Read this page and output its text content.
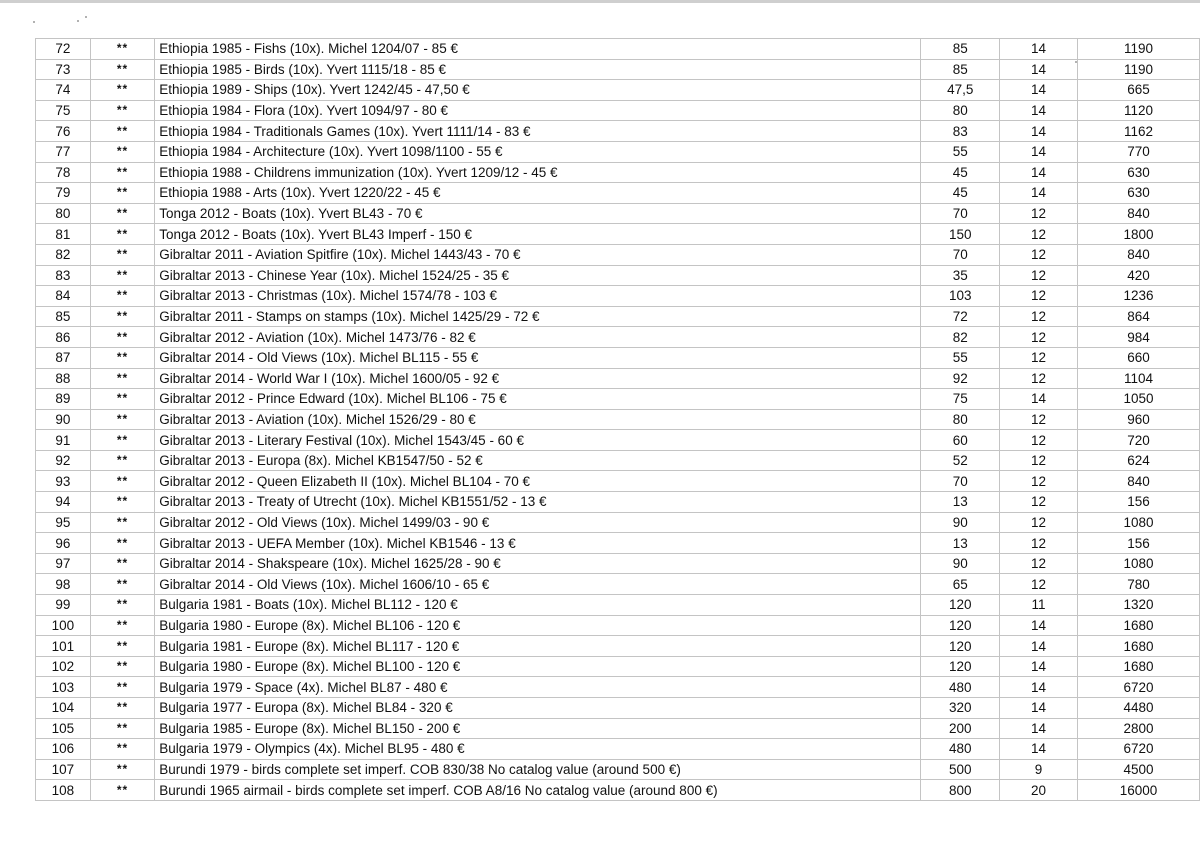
72	**	Ethiopia 1985 - Fishs (10x). Michel 1204/07 - 85 €	85	14	1190
73	**	Ethiopia 1985 - Birds (10x). Yvert 1115/18 - 85 €	85	14	1190
74	**	Ethiopia 1989 - Ships (10x). Yvert 1242/45 - 47,50 €	47,5	14	665
75	**	Ethiopia 1984 - Flora (10x). Yvert 1094/97 - 80 €	80	14	1120
76	**	Ethiopia 1984 - Traditionals Games (10x). Yvert 1111/14 - 83 €	83	14	1162
77	**	Ethiopia 1984 - Architecture (10x). Yvert 1098/1100 - 55 €	55	14	770
78	**	Ethiopia 1988 - Childrens immunization (10x). Yvert 1209/12 - 45 €	45	14	630
79	**	Ethiopia 1988 - Arts (10x). Yvert 1220/22 - 45 €	45	14	630
80	**	Tonga 2012 - Boats (10x). Yvert BL43 - 70 €	70	12	840
81	**	Tonga 2012 - Boats (10x). Yvert BL43 Imperf - 150 €	150	12	1800
82	**	Gibraltar 2011 - Aviation Spitfire (10x). Michel 1443/43 - 70 €	70	12	840
83	**	Gibraltar 2013 - Chinese Year (10x). Michel 1524/25 - 35 €	35	12	420
84	**	Gibraltar 2013 - Christmas (10x). Michel 1574/78 - 103 €	103	12	1236
85	**	Gibraltar 2011 - Stamps on stamps (10x). Michel 1425/29 - 72 €	72	12	864
86	**	Gibraltar 2012 - Aviation (10x). Michel 1473/76 - 82 €	82	12	984
87	**	Gibraltar 2014 - Old Views (10x). Michel BL115 - 55 €	55	12	660
88	**	Gibraltar 2014 - World War I (10x). Michel 1600/05 - 92 €	92	12	1104
89	**	Gibraltar 2012 - Prince Edward (10x). Michel BL106 - 75 €	75	14	1050
90	**	Gibraltar 2013 - Aviation (10x). Michel 1526/29 - 80 €	80	12	960
91	**	Gibraltar 2013 - Literary Festival (10x). Michel 1543/45 - 60 €	60	12	720
92	**	Gibraltar 2013 - Europa (8x). Michel KB1547/50 - 52 €	52	12	624
93	**	Gibraltar 2012 - Queen Elizabeth II (10x). Michel BL104 - 70 €	70	12	840
94	**	Gibraltar 2013 - Treaty of Utrecht (10x). Michel KB1551/52 - 13 €	13	12	156
95	**	Gibraltar 2012 - Old Views (10x). Michel 1499/03 - 90 €	90	12	1080
96	**	Gibraltar 2013 - UEFA Member (10x). Michel KB1546 - 13 €	13	12	156
97	**	Gibraltar 2014 - Shakspeare (10x). Michel 1625/28 - 90 €	90	12	1080
98	**	Gibraltar 2014 - Old Views (10x). Michel 1606/10 - 65 €	65	12	780
99	**	Bulgaria 1981 - Boats (10x). Michel BL112 - 120 €	120	11	1320
100	**	Bulgaria 1980 - Europe (8x). Michel BL106 - 120 €	120	14	1680
101	**	Bulgaria 1981 - Europe (8x). Michel BL117 - 120 €	120	14	1680
102	**	Bulgaria 1980 - Europe (8x). Michel BL100 - 120 €	120	14	1680
103	**	Bulgaria 1979 - Space (4x). Michel BL87 - 480 €	480	14	6720
104	**	Bulgaria 1977 - Europa (8x). Michel BL84 - 320 €	320	14	4480
105	**	Bulgaria 1985 - Europe (8x). Michel BL150 - 200 €	200	14	2800
106	**	Bulgaria 1979 - Olympics (4x). Michel BL95 - 480 €	480	14	6720
107	**	Burundi 1979 - birds complete set imperf. COB 830/38 No catalog value (around 500 €)	500	9	4500
108	**	Burundi 1965 airmail - birds complete set imperf. COB A8/16 No catalog value (around 800 €)	800	20	16000
